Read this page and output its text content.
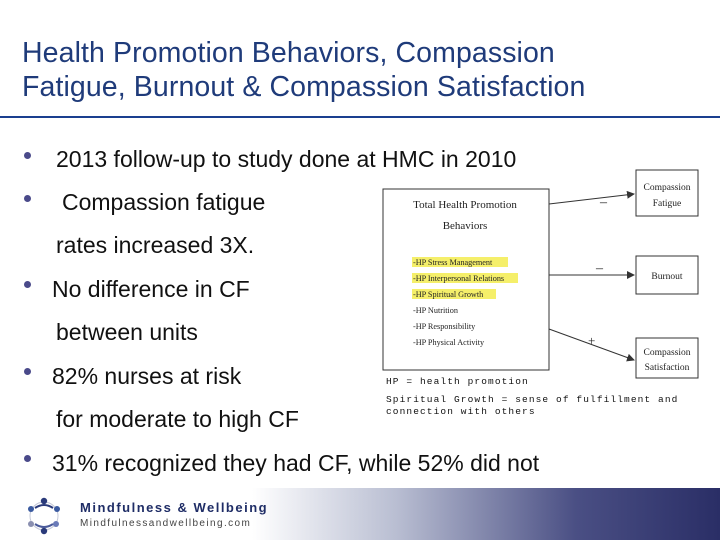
Health Promotion Behaviors, Compassion
Fatigue, Burnout & Compassion Satisfaction
2013 follow-up to study done at HMC in 2010
Compassion fatigue
rates increased 3X.
No difference in CF
between units
82% nurses at risk
for moderate to high CF
31% recognized they had CF, while 52% did not
Total Health Promotion
Behaviors
-HP Stress Management
-HP Interpersonal Relations
-HP Spiritual Growth
-HP Nutrition
-HP Responsibility
-HP Physical Activity
Compassion
Fatigue
Burnout
Compassion
Satisfaction
–
–
+
HP = health promotion
Spiritual Growth = sense of fulfillment and
connection with others
Mindfulness & Wellbeing
Mindfulnessandwellbeing.com
